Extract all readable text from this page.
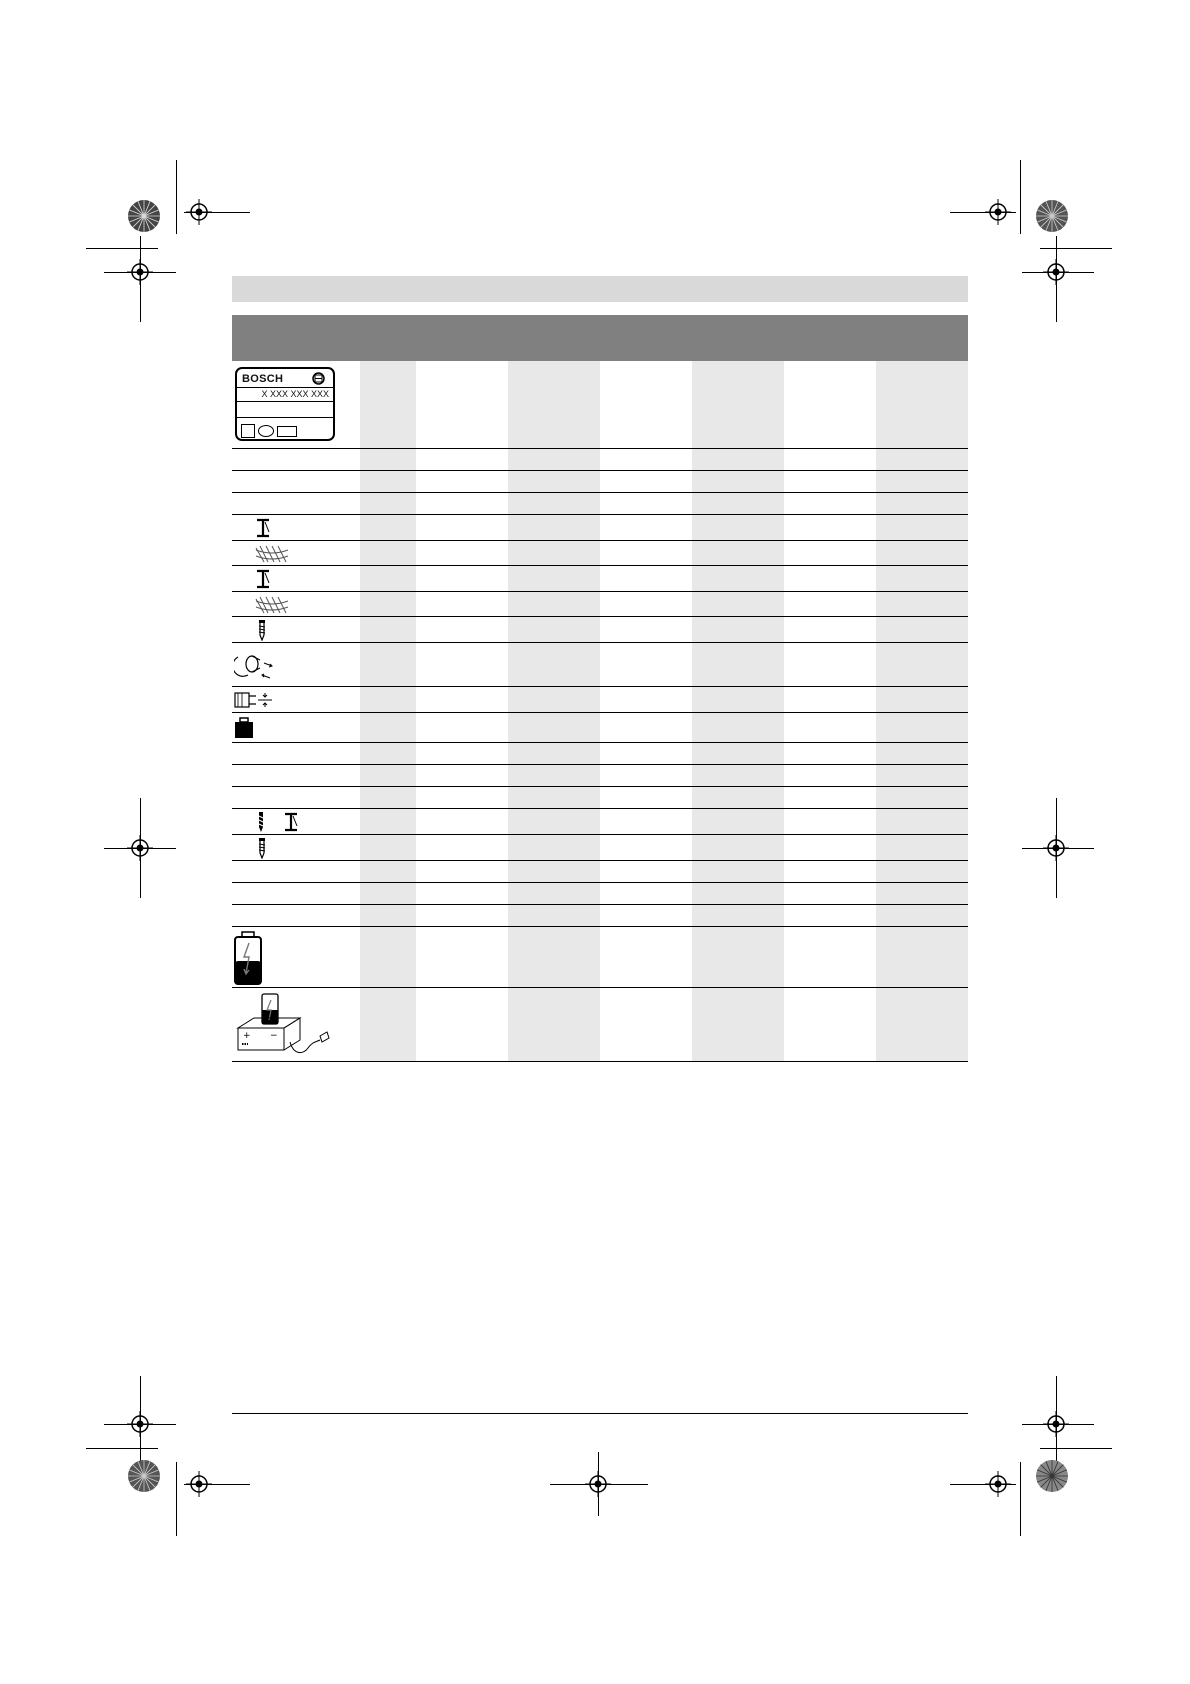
BOSCH
X XXX XXX XXX							

+ −							
